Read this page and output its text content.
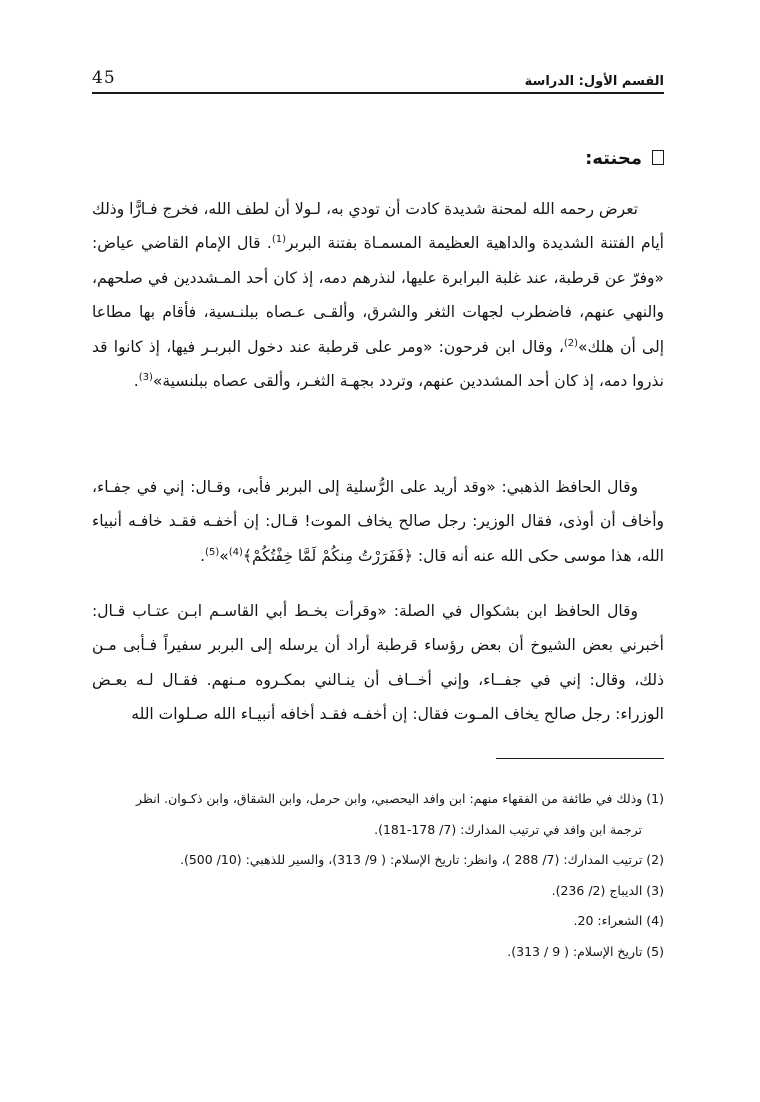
القسم الأول: الدراسة
45
محنته:

تعرض رحمه الله لمحنة شديدة كادت أن تودي به، لـولا أن لطف الله، فخرج فـارًّا وذلك أيام الفتنة الشديدة والداهية العظيمة المسمـاة بفتنة البربر$^{(1)}$. قال الإمام القاضي عياض: «وفرّ عن قرطبة، عند غلبة البرابرة عليها، لنذرهم دمه، إذ كان أحد المـشددين في صلحهم، والنهي عنهم، فاضطرب لجهات الثغر والشرق، وألقـى عـصاه ببلنـسية، فأقام بها مطاعا إلى أن هلك»$^{(2)}$، وقال ابن فرحون: «ومر على قرطبة عند دخول البربـر فيها، إذ كانوا قد نذروا دمه، إذ كان أحد المشددين عنهم، وتردد بجهـة الثغـر، وألقى عصاه ببلنسية»$^{(3)}$.

وقال الحافظ الذهبي: «وقد أريد على الرُّسلية إلى البربر فأبى، وقـال: إني في جفـاء، وأخاف أن أوذى، فقال الوزير: رجل صالح يخاف الموت! قـال: إن أخفـه فقـد خافـه أنبياء الله، هذا موسى حكى الله عنه أنه قال: ﴿فَفَرَرْتُ مِنكُمْ لَمَّا خِفْتُكُمْ﴾$^{(4)}$»$^{(5)}$.

وقال الحافظ ابن بشكوال في الصلة: «وقرأت بخـط أبي القاسـم ابـن عتـاب قـال: أخبرني بعض الشيوخ أن بعض رؤساء قرطبة أراد أن يرسله إلى البربر سفيراً فـأبى مـن ذلك، وقال: إني في جفــاء، وإني أخــاف أن ينـالني بمكـروه مـنهم. فقـال لـه بعـض الوزراء: رجل صالح يخاف المـوت فقال: إن أخفـه فقـد أخافه أنبيـاء الله صـلوات الله

(1) وذلك في طائفة من الفقهاء منهم: ابن وافد اليحصبي، وابن حرمل، وابن الشقاق، وابن ذكـوان. انظر
ترجمة ابن وافد في ترتيب المدارك: (7/ 178-181).
(2) ترتيب المدارك: (7/ 288 )، وانظر: تاريخ الإسلام: ( 9/ 313)، والسير للذهبي: (10/ 500).
(3) الديباج (2/ 236).
(4) الشعراء: 20.
(5) تاريخ الإسلام: ( 9 / 313).
